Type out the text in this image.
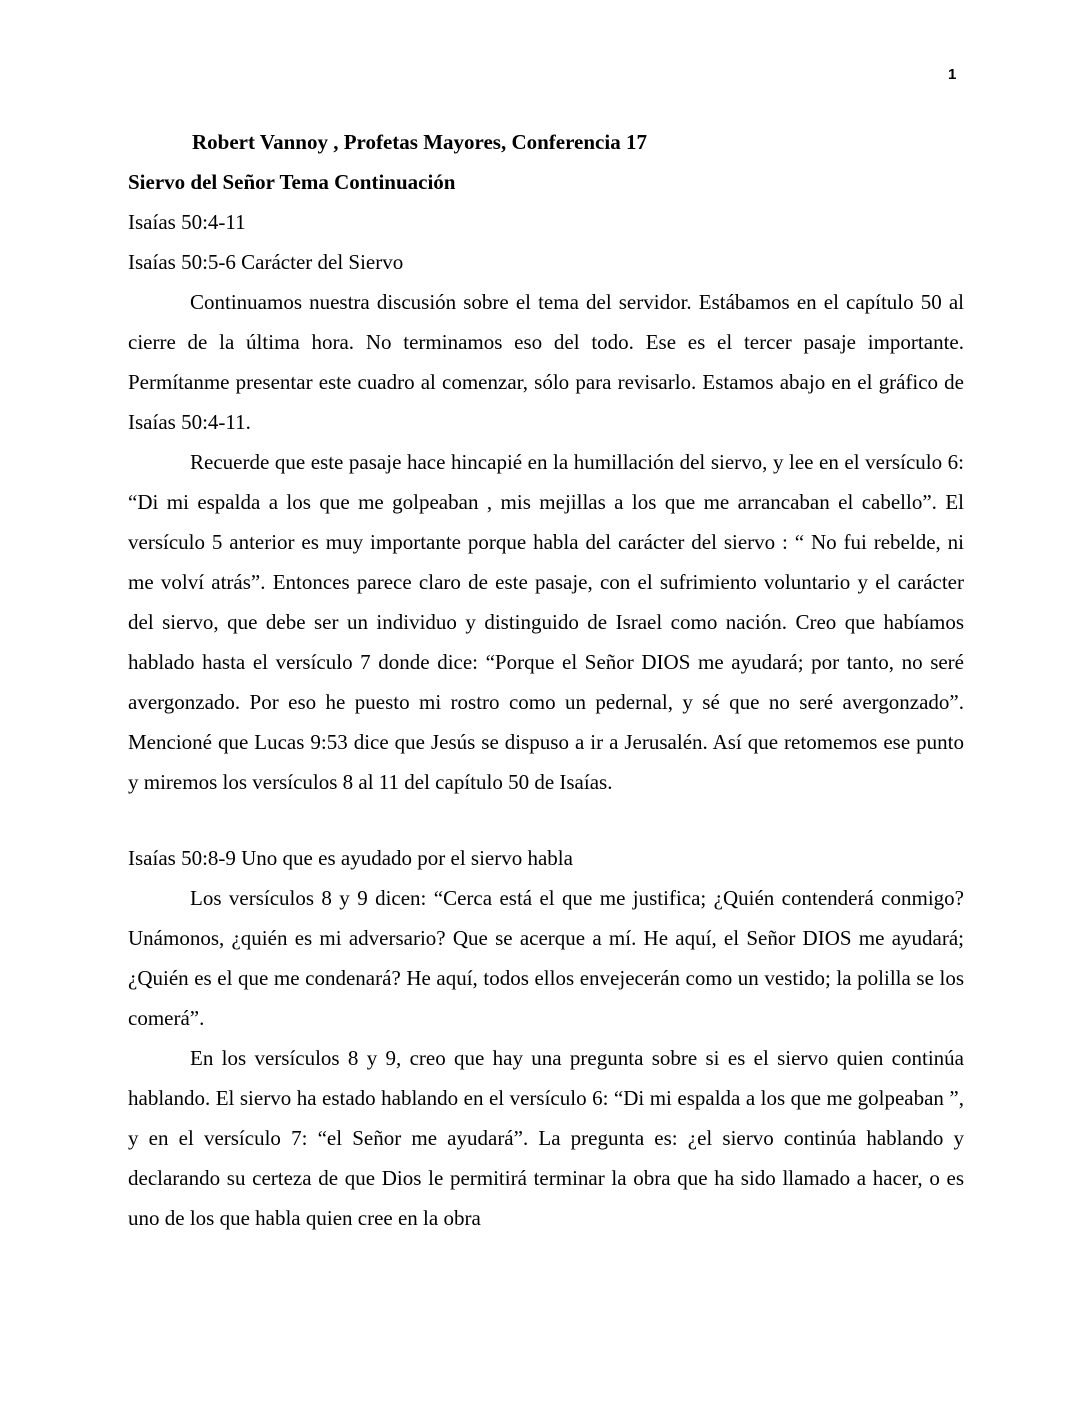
1

Robert Vannoy , Profetas Mayores, Conferencia 17

Siervo del Señor Tema Continuación

Isaías 50:4-11

Isaías 50:5-6 Carácter del Siervo

Continuamos nuestra discusión sobre el tema del servidor. Estábamos en el capítulo 50 al cierre de la última hora. No terminamos eso del todo. Ese es el tercer pasaje importante. Permítanme presentar este cuadro al comenzar, sólo para revisarlo. Estamos abajo en el gráfico de Isaías 50:4-11.

Recuerde que este pasaje hace hincapié en la humillación del siervo, y lee en el versículo 6: “Di mi espalda a los que me golpeaban , mis mejillas a los que me arrancaban el cabello”. El versículo 5 anterior es muy importante porque habla del carácter del siervo : “ No fui rebelde, ni me volví atrás”. Entonces parece claro de este pasaje, con el sufrimiento voluntario y el carácter del siervo, que debe ser un individuo y distinguido de Israel como nación. Creo que habíamos hablado hasta el versículo 7 donde dice: “Porque el Señor DIOS me ayudará; por tanto, no seré avergonzado. Por eso he puesto mi rostro como un pedernal, y sé que no seré avergonzado”. Mencioné que Lucas 9:53 dice que Jesús se dispuso a ir a Jerusalén. Así que retomemos ese punto y miremos los versículos 8 al 11 del capítulo 50 de Isaías.

Isaías 50:8-9 Uno que es ayudado por el siervo habla

Los versículos 8 y 9 dicen: “Cerca está el que me justifica; ¿Quién contenderá conmigo? Unámonos, ¿quién es mi adversario? Que se acerque a mí. He aquí, el Señor DIOS me ayudará; ¿Quién es el que me condenará? He aquí, todos ellos envejecerán como un vestido; la polilla se los comerá”.

En los versículos 8 y 9, creo que hay una pregunta sobre si es el siervo quien continúa hablando. El siervo ha estado hablando en el versículo 6: “Di mi espalda a los que me golpeaban ”, y en el versículo 7: “el Señor me ayudará”. La pregunta es: ¿el siervo continúa hablando y declarando su certeza de que Dios le permitirá terminar la obra que ha sido llamado a hacer, o es uno de los que habla quien cree en la obra
